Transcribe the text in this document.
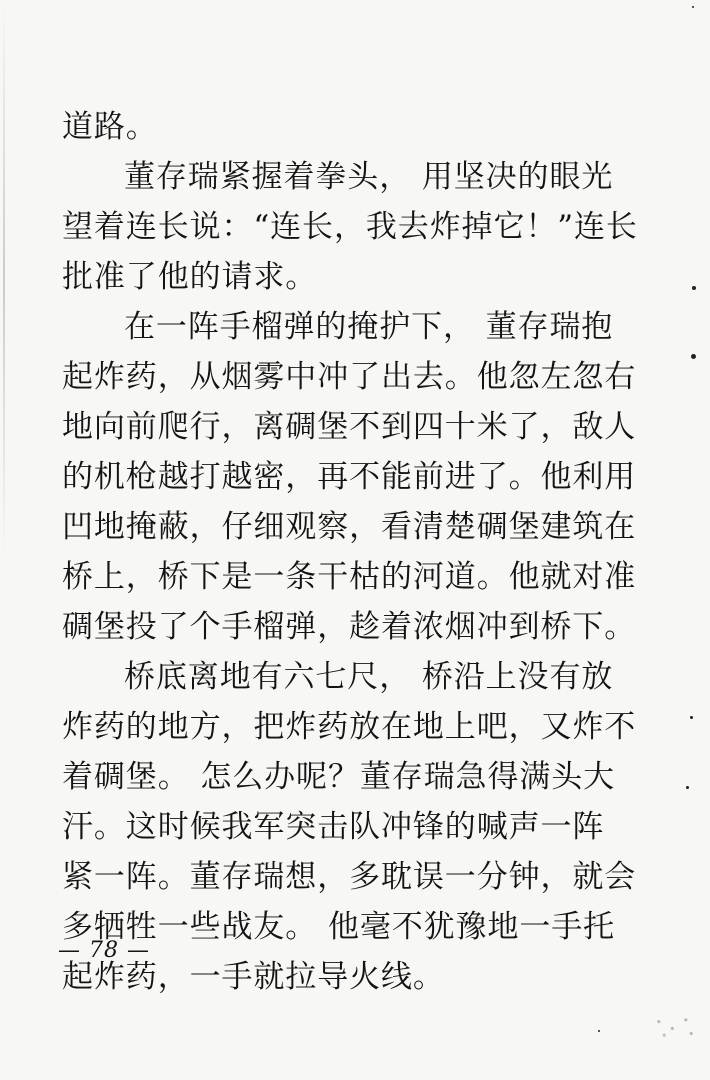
道路。
董存瑞紧握着拳头， 用坚决的眼光
望着连长说：“连长，我去炸掉它！”连长
批准了他的请求。
在一阵手榴弹的掩护下， 董存瑞抱
起炸药，从烟雾中冲了出去。他忽左忽右
地向前爬行，离碉堡不到四十米了，敌人
的机枪越打越密，再不能前进了。他利用
凹地掩蔽，仔细观察，看清楚碉堡建筑在
桥上，桥下是一条干枯的河道。他就对准
碉堡投了个手榴弹，趁着浓烟冲到桥下。
桥底离地有六七尺， 桥沿上没有放
炸药的地方，把炸药放在地上吧，又炸不
着碉堡。 怎么办呢？董存瑞急得满头大
汗。这时候我军突击队冲锋的喊声一阵
紧一阵。董存瑞想，多耽误一分钟，就会
多牺牲一些战友。 他毫不犹豫地一手托
起炸药，一手就拉导火线。
— 78 —
